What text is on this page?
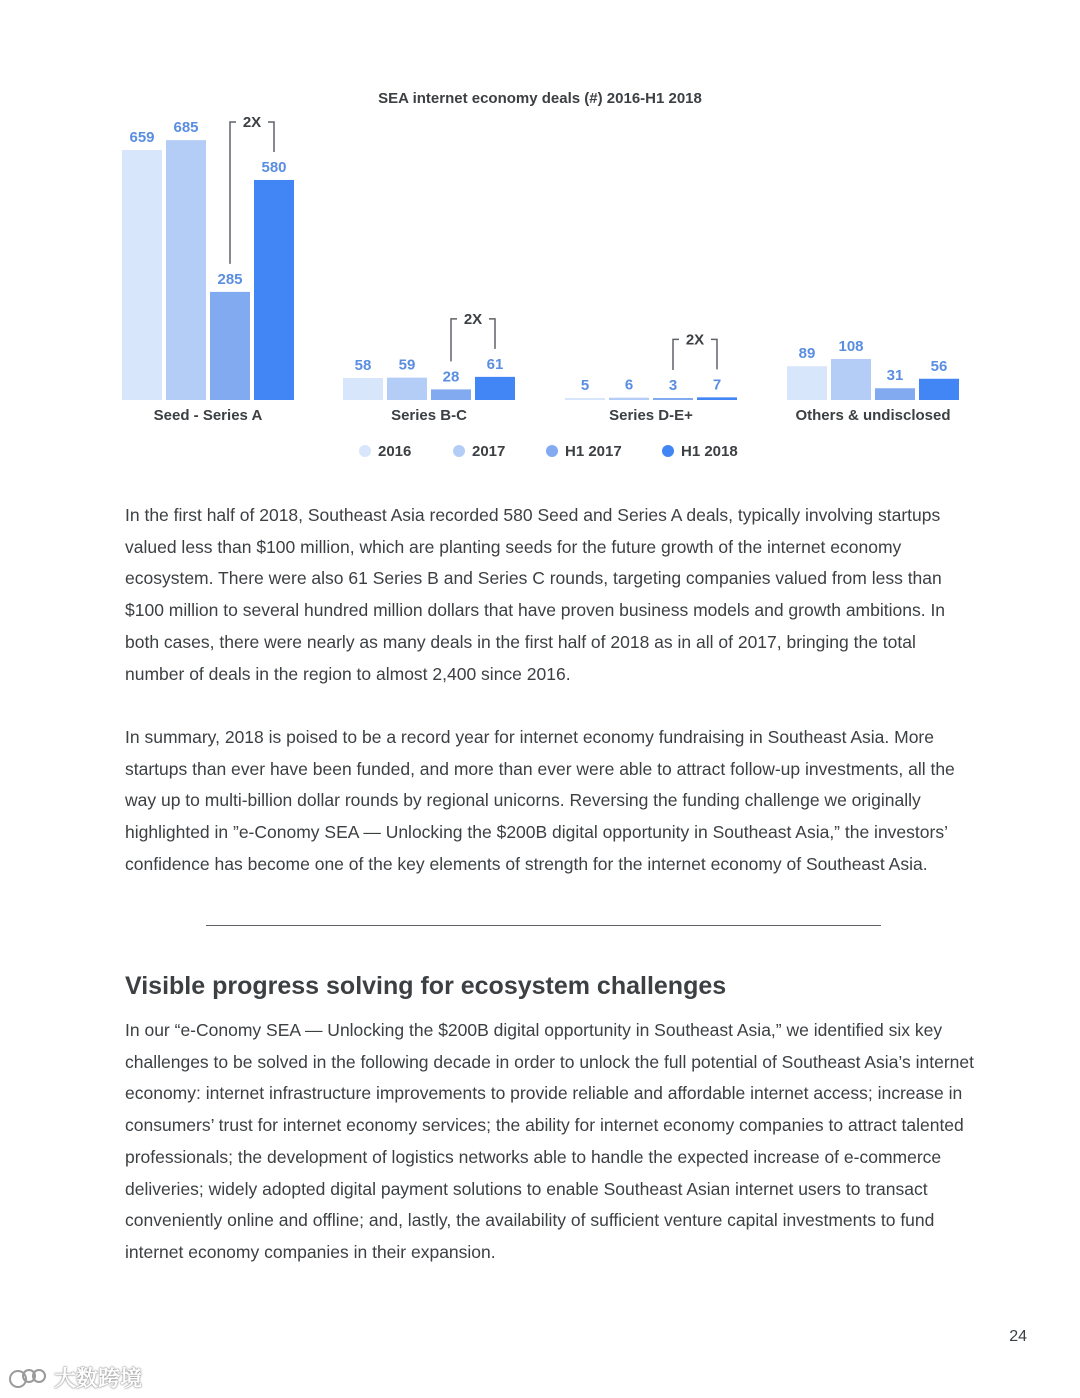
SEA internet economy deals (#) 2016-H1 2018
659
685
285
580
Seed - Series A
58 59
28
61
Series B-C
5 6 3 7
Series D-E+
89 108
31
56
Others & undisclosed
2X
2X
2X
2016	2017	H1 2017	H1 2018

In the first half of 2018, Southeast Asia recorded 580 Seed and Series A deals, typically involving startups valued less than $100 million, which are planting seeds for the future growth of the internet economy ecosystem. There were also 61 Series B and Series C rounds, targeting companies valued from less than $100 million to several hundred million dollars that have proven business models and growth ambitions. In both cases, there were nearly as many deals in the first half of 2018 as in all of 2017, bringing the total number of deals in the region to almost 2,400 since 2016.

In summary, 2018 is poised to be a record year for internet economy fundraising in Southeast Asia. More startups than ever have been funded, and more than ever were able to attract follow-up investments, all the way up to multi-billion dollar rounds by regional unicorns. Reversing the funding challenge we originally highlighted in ”e-Conomy SEA — Unlocking the $200B digital opportunity in Southeast Asia,” the investors’ confidence has become one of the key elements of strength for the internet economy of Southeast Asia.

Visible progress solving for ecosystem challenges

In our “e-Conomy SEA — Unlocking the $200B digital opportunity in Southeast Asia,” we identified six key challenges to be solved in the following decade in order to unlock the full potential of Southeast Asia’s internet economy: internet infrastructure improvements to provide reliable and affordable internet access; increase in consumers’ trust for internet economy services; the ability for internet economy companies to attract talented professionals; the development of logistics networks able to handle the expected increase of e-commerce deliveries; widely adopted digital payment solutions to enable Southeast Asian internet users to transact conveniently online and offline; and, lastly, the availability of sufficient venture capital investments to fund internet economy companies in their expansion.

24
大数跨境
